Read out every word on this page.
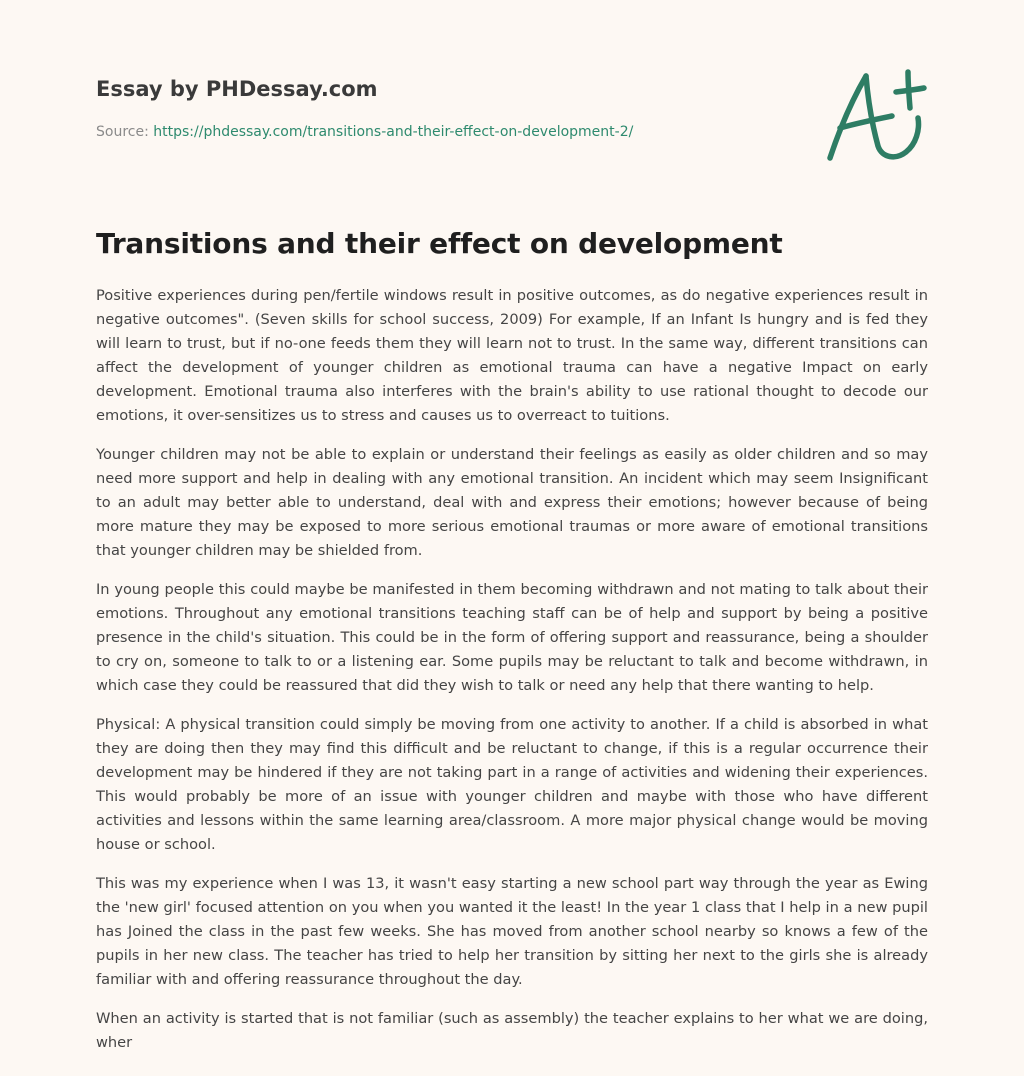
Essay by PHDessay.com
Source: https://phdessay.com/transitions-and-their-effect-on-development-2/
Transitions and their effect on development

Positive experiences during pen/fertile windows result in positive outcomes, as do negative experiences result in negative outcomes". (Seven skills for school success, 2009) For example, If an Infant Is hungry and is fed they will learn to trust, but if no-one feeds them they will learn not to trust. In the same way, different transitions can affect the development of younger children as emotional trauma can have a negative Impact on early development. Emotional trauma also interferes with the brain's ability to use rational thought to decode our emotions, it over-sensitizes us to stress and causes us to overreact to tuitions.

Younger children may not be able to explain or understand their feelings as easily as older children and so may need more support and help in dealing with any emotional transition. An incident which may seem Insignificant to an adult may better able to understand, deal with and express their emotions; however because of being more mature they may be exposed to more serious emotional traumas or more aware of emotional transitions that younger children may be shielded from.

In young people this could maybe be manifested in them becoming withdrawn and not mating to talk about their emotions. Throughout any emotional transitions teaching staff can be of help and support by being a positive presence in the child's situation. This could be in the form of offering support and reassurance, being a shoulder to cry on, someone to talk to or a listening ear. Some pupils may be reluctant to talk and become withdrawn, in which case they could be reassured that did they wish to talk or need any help that there wanting to help.

Physical: A physical transition could simply be moving from one activity to another. If a child is absorbed in what they are doing then they may find this difficult and be reluctant to change, if this is a regular occurrence their development may be hindered if they are not taking part in a range of activities and widening their experiences. This would probably be more of an issue with younger children and maybe with those who have different activities and lessons within the same learning area/classroom. A more major physical change would be moving house or school.

This was my experience when I was 13, it wasn't easy starting a new school part way through the year as Ewing the 'new girl' focused attention on you when you wanted it the least! In the year 1 class that I help in a new pupil has Joined the class in the past few weeks. She has moved from another school nearby so knows a few of the pupils in her new class. The teacher has tried to help her transition by sitting her next to the girls she is already familiar with and offering reassurance throughout the day.

When an activity is started that is not familiar (such as assembly) the teacher explains to her what we are doing, wher
